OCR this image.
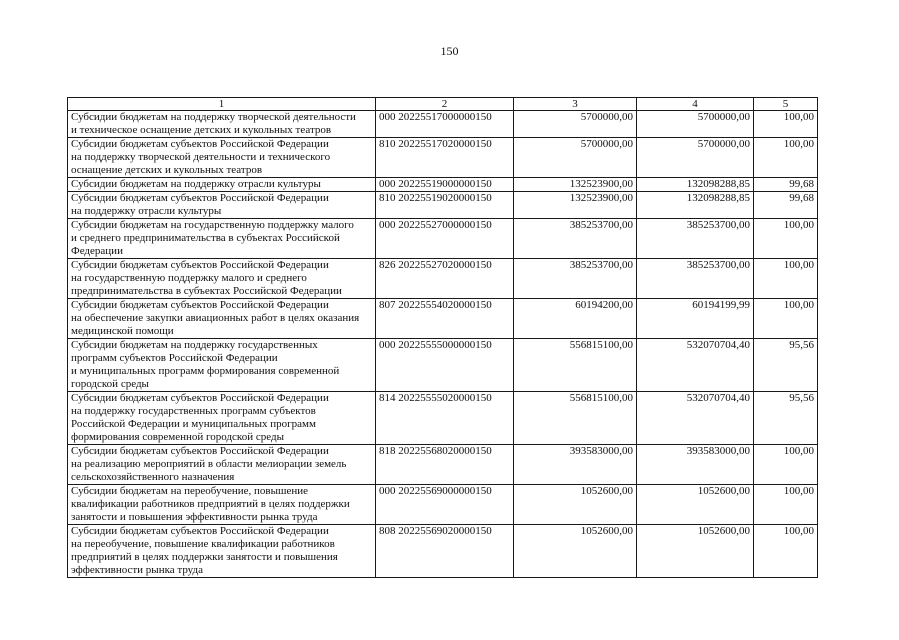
150
1	2	3	4	5

Субсидии бюджетам на поддержку творческой деятельности
и техническое оснащение детских и кукольных театров	000 20225517000000150	5700000,00	5700000,00	100,00

Субсидии бюджетам субъектов Российской Федерации
на поддержку творческой деятельности и технического
оснащение детских и кукольных театров	810 20225517020000150	5700000,00	5700000,00	100,00

Субсидии бюджетам на поддержку отрасли культуры	000 20225519000000150	132523900,00	132098288,85	99,68

Субсидии бюджетам субъектов Российской Федерации
на поддержку отрасли культуры	810 20225519020000150	132523900,00	132098288,85	99,68

Субсидии бюджетам на государственную поддержку малого
и среднего предпринимательства в субъектах Российской
Федерации	000 20225527000000150	385253700,00	385253700,00	100,00

Субсидии бюджетам субъектов Российской Федерации
на государственную поддержку малого и среднего
предпринимательства в субъектах Российской Федерации	826 20225527020000150	385253700,00	385253700,00	100,00

Субсидии бюджетам субъектов Российской Федерации
на обеспечение закупки авиационных работ в целях оказания
медицинской помощи	807 20225554020000150	60194200,00	60194199,99	100,00

Субсидии бюджетам на поддержку государственных
программ субъектов Российской Федерации
и муниципальных программ формирования современной
городской среды	000 20225555000000150	556815100,00	532070704,40	95,56

Субсидии бюджетам субъектов Российской Федерации
на поддержку государственных программ субъектов
Российской Федерации и муниципальных программ
формирования современной городской среды	814 20225555020000150	556815100,00	532070704,40	95,56

Субсидии бюджетам субъектов Российской Федерации
на реализацию мероприятий в области мелиорации земель
сельскохозяйственного назначения	818 20225568020000150	393583000,00	393583000,00	100,00

Субсидии бюджетам на переобучение, повышение
квалификации работников предприятий в целях поддержки
занятости и повышения эффективности рынка труда	000 20225569000000150	1052600,00	1052600,00	100,00

Субсидии бюджетам субъектов Российской Федерации
на переобучение, повышение квалификации работников
предприятий в целях поддержки занятости и повышения
эффективности рынка труда	808 20225569020000150	1052600,00	1052600,00	100,00
